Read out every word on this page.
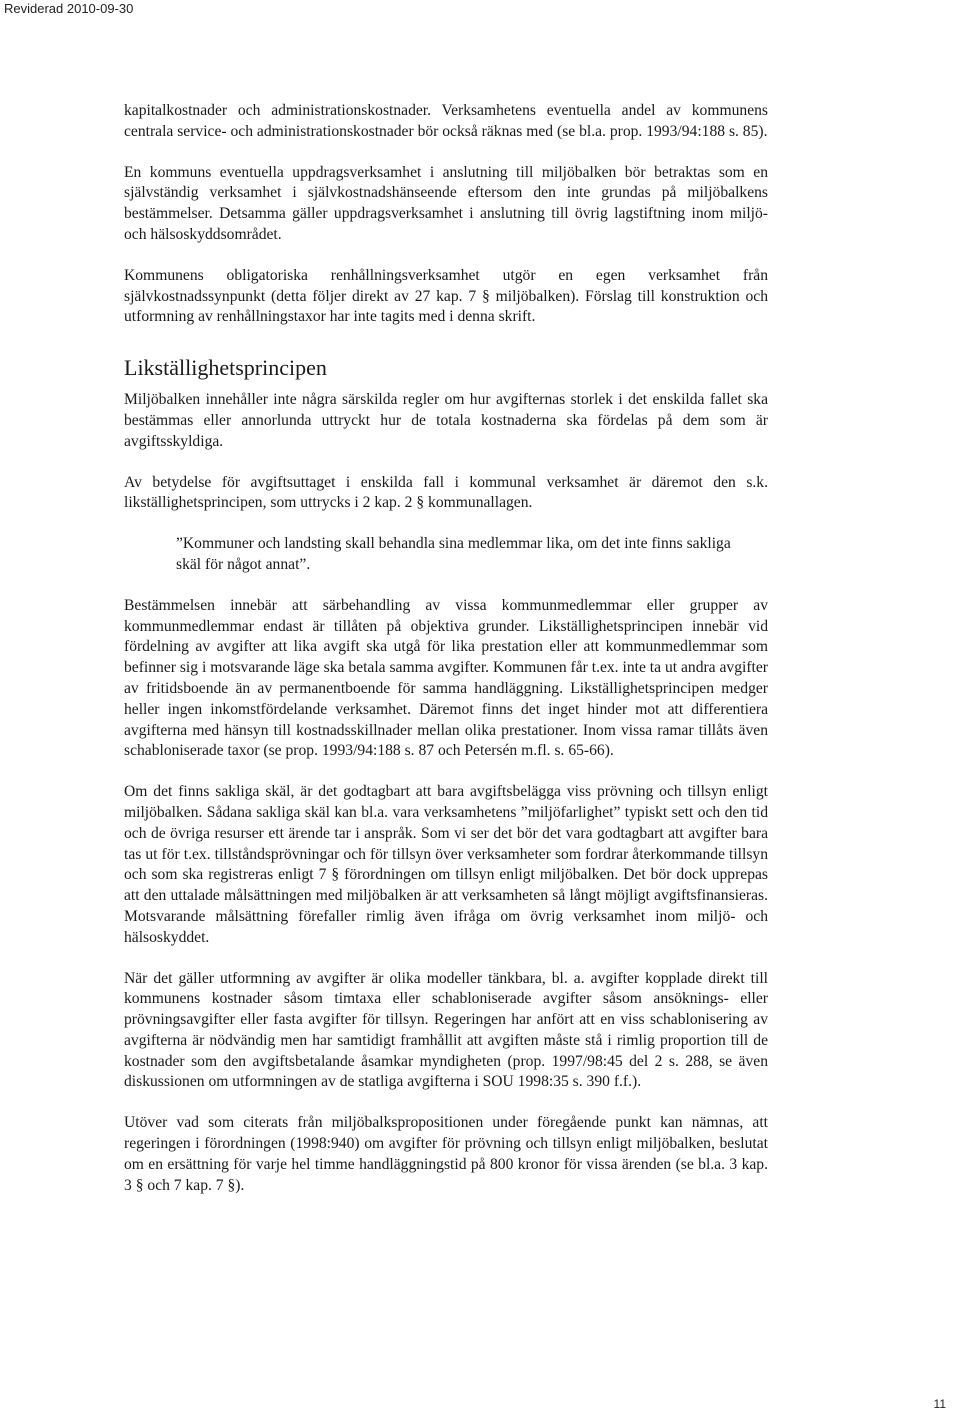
Reviderad 2010-09-30

kapitalkostnader och administrationskostnader. Verksamhetens eventuella andel av kommunens centrala service- och administrationskostnader bör också räknas med (se bl.a. prop. 1993/94:188 s. 85).

En kommuns eventuella uppdragsverksamhet i anslutning till miljöbalken bör betraktas som en självständig verksamhet i självkostnadshänseende eftersom den inte grundas på miljöbalkens bestämmelser. Detsamma gäller uppdragsverksamhet i anslutning till övrig lagstiftning inom miljö- och hälsoskyddsområdet.

Kommunens obligatoriska renhållningsverksamhet utgör en egen verksamhet från självkostnadssynpunkt (detta följer direkt av 27 kap. 7 § miljöbalken). Förslag till konstruktion och utformning av renhållningstaxor har inte tagits med i denna skrift.

Likställighetsprincipen

Miljöbalken innehåller inte några särskilda regler om hur avgifternas storlek i det enskilda fallet ska bestämmas eller annorlunda uttryckt hur de totala kostnaderna ska fördelas på dem som är avgiftsskyldiga.

Av betydelse för avgiftsuttaget i enskilda fall i kommunal verksamhet är däremot den s.k. likställighetsprincipen, som uttrycks i 2 kap. 2 § kommunallagen.

”Kommuner och landsting skall behandla sina medlemmar lika, om det inte finns sakliga skäl för något annat”.

Bestämmelsen innebär att särbehandling av vissa kommunmedlemmar eller grupper av kommunmedlemmar endast är tillåten på objektiva grunder. Likställighetsprincipen innebär vid fördelning av avgifter att lika avgift ska utgå för lika prestation eller att kommunmedlemmar som befinner sig i motsvarande läge ska betala samma avgifter. Kommunen får t.ex. inte ta ut andra avgifter av fritidsboende än av permanentboende för samma handläggning. Likställighetsprincipen medger heller ingen inkomstfördelande verksamhet. Däremot finns det inget hinder mot att differentiera avgifterna med hänsyn till kostnadsskillnader mellan olika prestationer. Inom vissa ramar tillåts även schabloniserade taxor (se prop. 1993/94:188 s. 87 och Petersén m.fl. s. 65-66).

Om det finns sakliga skäl, är det godtagbart att bara avgiftsbelägga viss prövning och tillsyn enligt miljöbalken. Sådana sakliga skäl kan bl.a. vara verksamhetens ”miljöfarlighet” typiskt sett och den tid och de övriga resurser ett ärende tar i anspråk. Som vi ser det bör det vara godtagbart att avgifter bara tas ut för t.ex. tillståndsprövningar och för tillsyn över verksamheter som fordrar återkommande tillsyn och som ska registreras enligt 7 § förordningen om tillsyn enligt miljöbalken. Det bör dock upprepas att den uttalade målsättningen med miljöbalken är att verksamheten så långt möjligt avgiftsfinansieras. Motsvarande målsättning förefaller rimlig även ifråga om övrig verksamhet inom miljö- och hälsoskyddet.

När det gäller utformning av avgifter är olika modeller tänkbara, bl. a. avgifter kopplade direkt till kommunens kostnader såsom timtaxa eller schabloniserade avgifter såsom ansöknings- eller prövningsavgifter eller fasta avgifter för tillsyn. Regeringen har anfört att en viss schablonisering av avgifterna är nödvändig men har samtidigt framhållit att avgiften måste stå i rimlig proportion till de kostnader som den avgiftsbetalande åsamkar myndigheten (prop. 1997/98:45 del 2 s. 288, se även diskussionen om utformningen av de statliga avgifterna i SOU 1998:35 s. 390 f.f.).

Utöver vad som citerats från miljöbalkspropositionen under föregående punkt kan nämnas, att regeringen i förordningen (1998:940) om avgifter för prövning och tillsyn enligt miljöbalken, beslutat om en ersättning för varje hel timme handläggningstid på 800 kronor för vissa ärenden (se bl.a. 3 kap. 3 § och 7 kap. 7 §).

11
